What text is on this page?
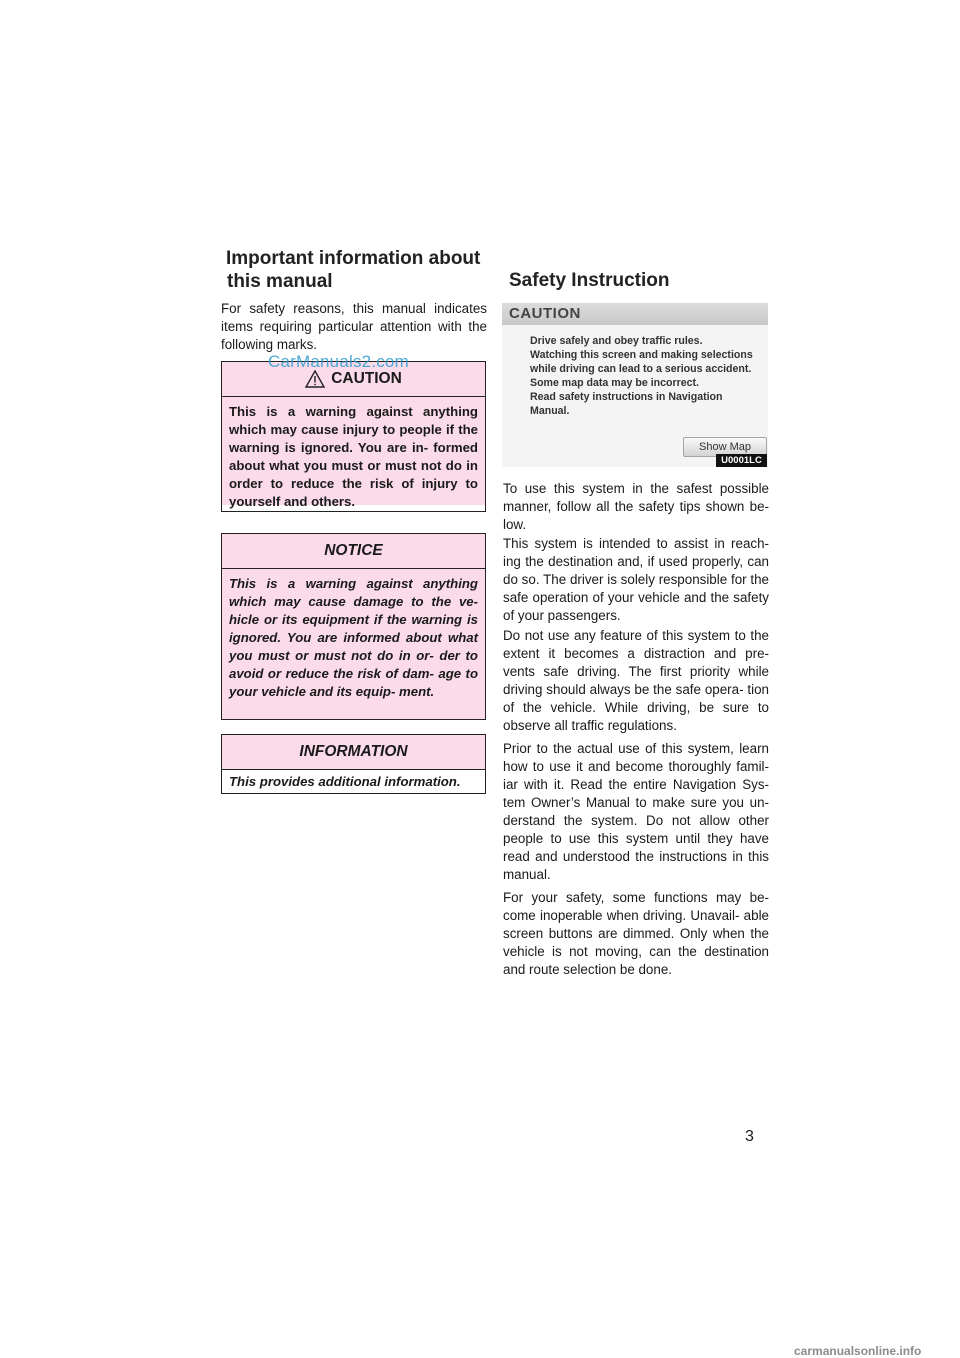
Important information about
this manual
For safety reasons, this manual indicates items requiring particular attention with the following marks.
CAUTION
This is a warning against anything which may cause injury to people if the warning is ignored. You are in- formed about what you must or must not do in order to reduce the risk of injury to yourself and others.
CarManuals2.com
NOTICE
This is a warning against anything which may cause damage to the ve- hicle or its equipment if the warning is ignored. You are informed about what you must or must not do in or- der to avoid or reduce the risk of dam- age to your vehicle and its equip- ment.
INFORMATION
This provides additional information.
Safety Instruction
CAUTION
Drive safely and obey traffic rules.
Watching this screen and making selections
while driving can lead to a serious accident.
Some map data may be incorrect.
Read safety instructions in Navigation Manual.
Show Map
U0001LC

To use this system in the safest possible manner, follow all the safety tips shown be- low.

This system is intended to assist in reach- ing the destination and, if used properly, can do so. The driver is solely responsible for the safe operation of your vehicle and the safety of your passengers.

Do not use any feature of this system to the extent it becomes a distraction and pre- vents safe driving. The first priority while driving should always be the safe opera- tion of the vehicle. While driving, be sure to observe all traffic regulations.

Prior to the actual use of this system, learn how to use it and become thoroughly famil- iar with it. Read the entire Navigation Sys- tem Owner’s Manual to make sure you un- derstand the system. Do not allow other people to use this system until they have read and understood the instructions in this manual.

For your safety, some functions may be- come inoperable when driving. Unavail- able screen buttons are dimmed. Only when the vehicle is not moving, can the destination and route selection be done.

3
carmanualsonline.info
